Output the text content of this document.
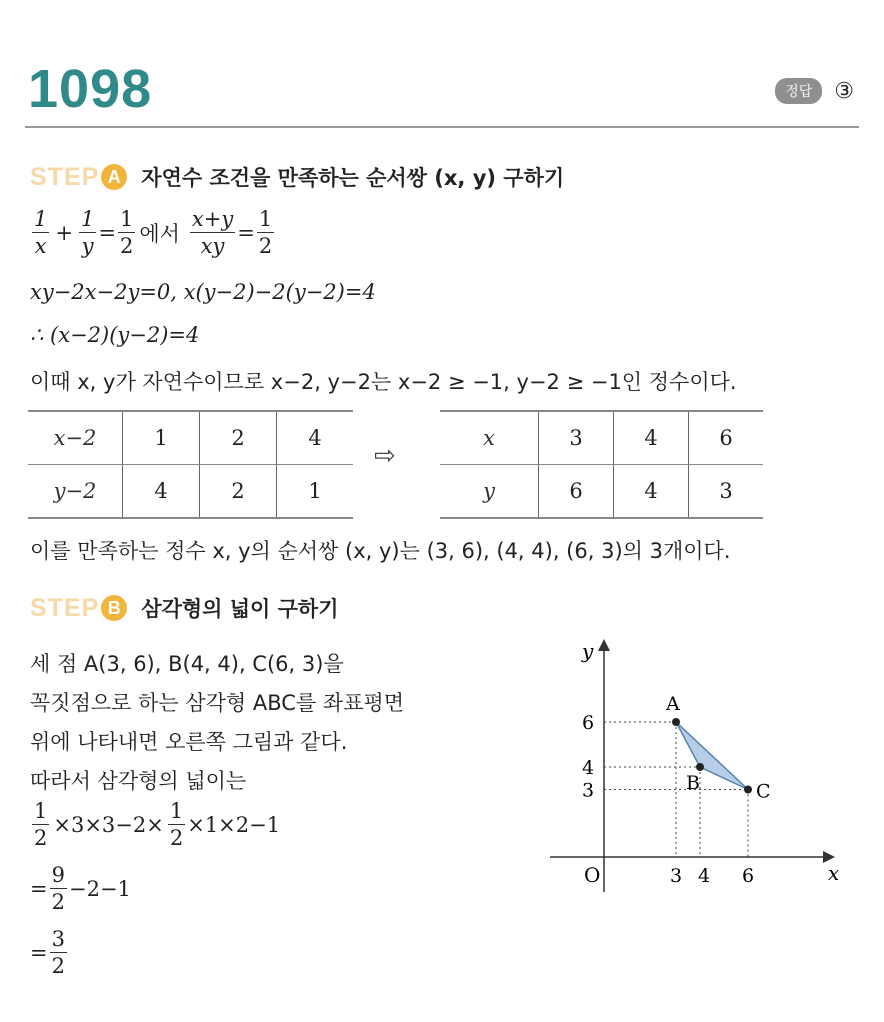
1098	정답	③
STEP A 자연수 조건을 만족하는 순서쌍 (x, y) 구하기
$\frac{1}{x} + \frac{1}{y} = \frac{1}{2}$ 에서 $\frac{x+y}{xy} = \frac{1}{2}$
xy−2x−2y=0, x(y−2)−2(y−2)=4
∴ (x−2)(y−2)=4
이때 x, y가 자연수이므로 x−2, y−2는 x−2 ≥ −1, y−2 ≥ −1인 정수이다.
x−2	1	2	4
y−2	4	2	1
⇨
x	3	4	6
y	6	4	3
이를 만족하는 정수 x, y의 순서쌍 (x, y)는 (3, 6), (4, 4), (6, 3)의 3개이다.
STEP B 삼각형의 넓이 구하기
세 점 A(3, 6), B(4, 4), C(6, 3)을
꼭짓점으로 하는 삼각형 ABC를 좌표평면
위에 나타내면 오른쪽 그림과 같다.
따라서 삼각형의 넓이는
$\frac{1}{2} \times 3\times 3-2\times \frac{1}{2} \times 1\times 2-1$
= $\frac{9}{2} -2-1$
= $\frac{3}{2}$
A
B	C
x
y
O	3 4 6
6
4
3
